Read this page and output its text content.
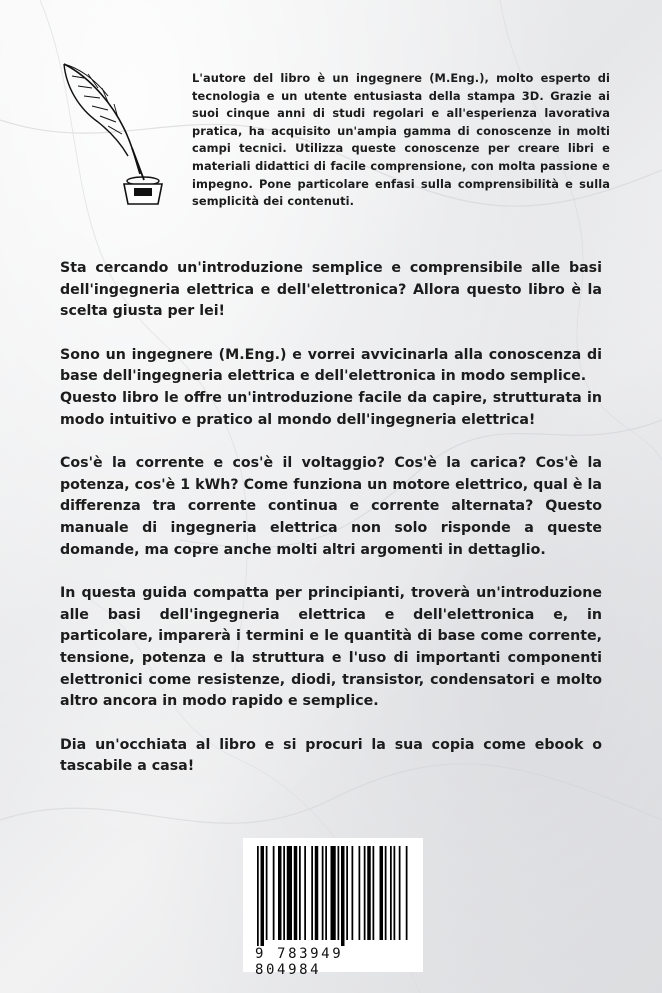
L'autore del libro è un ingegnere (M.Eng.), molto esperto di tecnologia e un utente entusiasta della stampa 3D. Grazie ai suoi cinque anni di studi regolari e all'esperienza lavorativa pratica, ha acquisito un'ampia gamma di conoscenze in molti campi tecnici. Utilizza queste conoscenze per creare libri e materiali didattici di facile comprensione, con molta passione e impegno. Pone particolare enfasi sulla comprensibilità e sulla semplicità dei contenuti.

Sta cercando un'introduzione semplice e comprensibile alle basi dell'ingegneria elettrica e dell'elettronica? Allora questo libro è la scelta giusta per lei!

Sono un ingegnere (M.Eng.) e vorrei avvicinarla alla conoscenza di base dell'ingegneria elettrica e dell'elettronica in modo semplice.
Questo libro le offre un'introduzione facile da capire, strutturata in modo intuitivo e pratico al mondo dell'ingegneria elettrica!

Cos'è la corrente e cos'è il voltaggio? Cos'è la carica? Cos'è la potenza, cos'è 1 kWh? Come funziona un motore elettrico, qual è la differenza tra corrente continua e corrente alternata? Questo manuale di ingegneria elettrica non solo risponde a queste domande, ma copre anche molti altri argomenti in dettaglio.

In questa guida compatta per principianti, troverà un'introduzione alle basi dell'ingegneria elettrica e dell'elettronica e, in particolare, imparerà i termini e le quantità di base come corrente, tensione, potenza e la struttura e l'uso di importanti componenti elettronici come resistenze, diodi, transistor, condensatori e molto altro ancora in modo rapido e semplice.

Dia un'occhiata al libro e si procuri la sua copia come ebook o tascabile a casa!

9 783949 804984
